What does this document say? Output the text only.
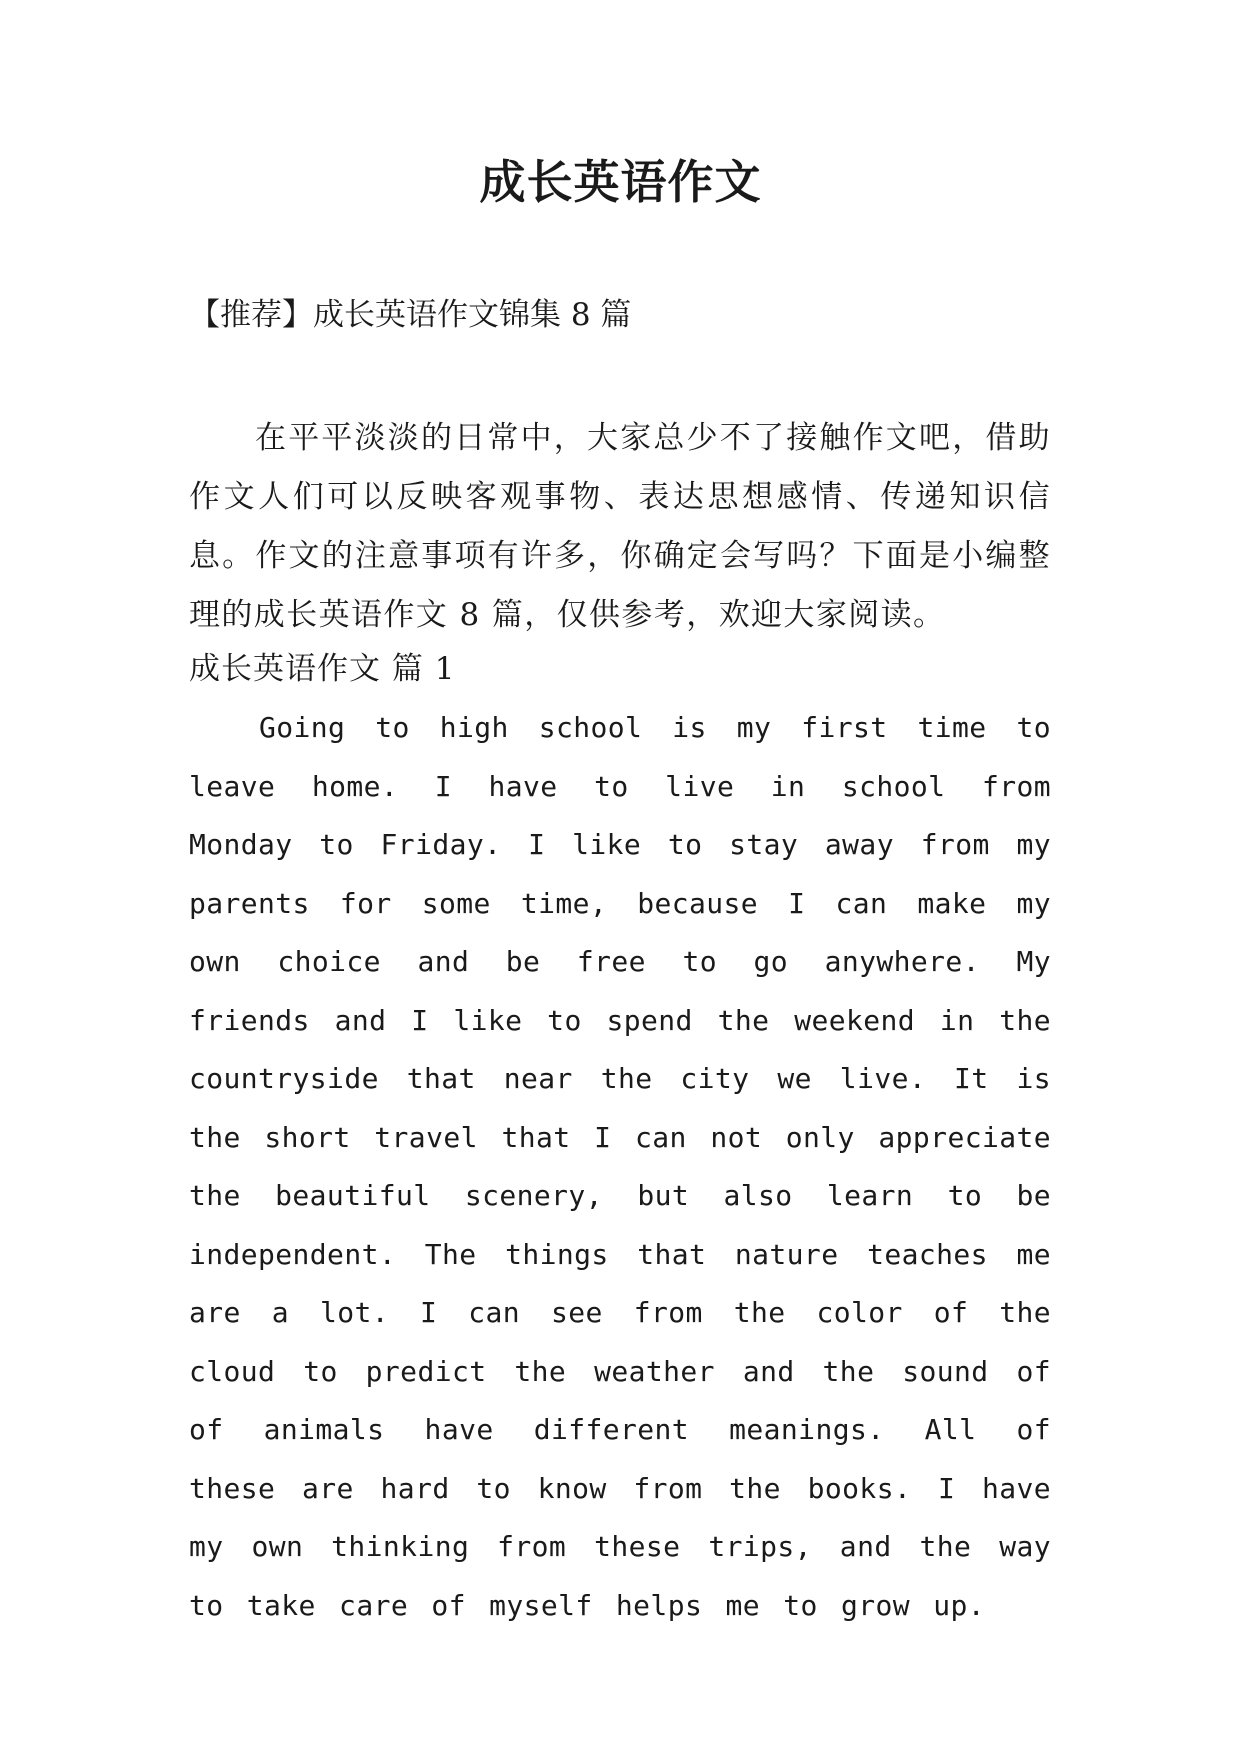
成长英语作文

【推荐】成长英语作文锦集 8 篇

在平平淡淡的日常中，大家总少不了接触作文吧，借助作文人们可以反映客观事物、表达思想感情、传递知识信息。作文的注意事项有许多，你确定会写吗？下面是小编整理的成长英语作文 8 篇，仅供参考，欢迎大家阅读。

成长英语作文 篇 1

Going to high school is my first time to leave home. I have to live in school from Monday to Friday. I like to stay away from my parents for some time, because I can make my own choice and be free to go anywhere. My friends and I like to spend the weekend in the countryside that near the city we live. It is the short travel that I can not only appreciate the beautiful scenery, but also learn to be independent. The things that nature teaches me are a lot. I can see from the color of the cloud to predict the weather and the sound of of animals have different meanings. All of these are hard to know from the books. I have my own thinking from these trips, and the way to take care of myself helps me to grow up.
